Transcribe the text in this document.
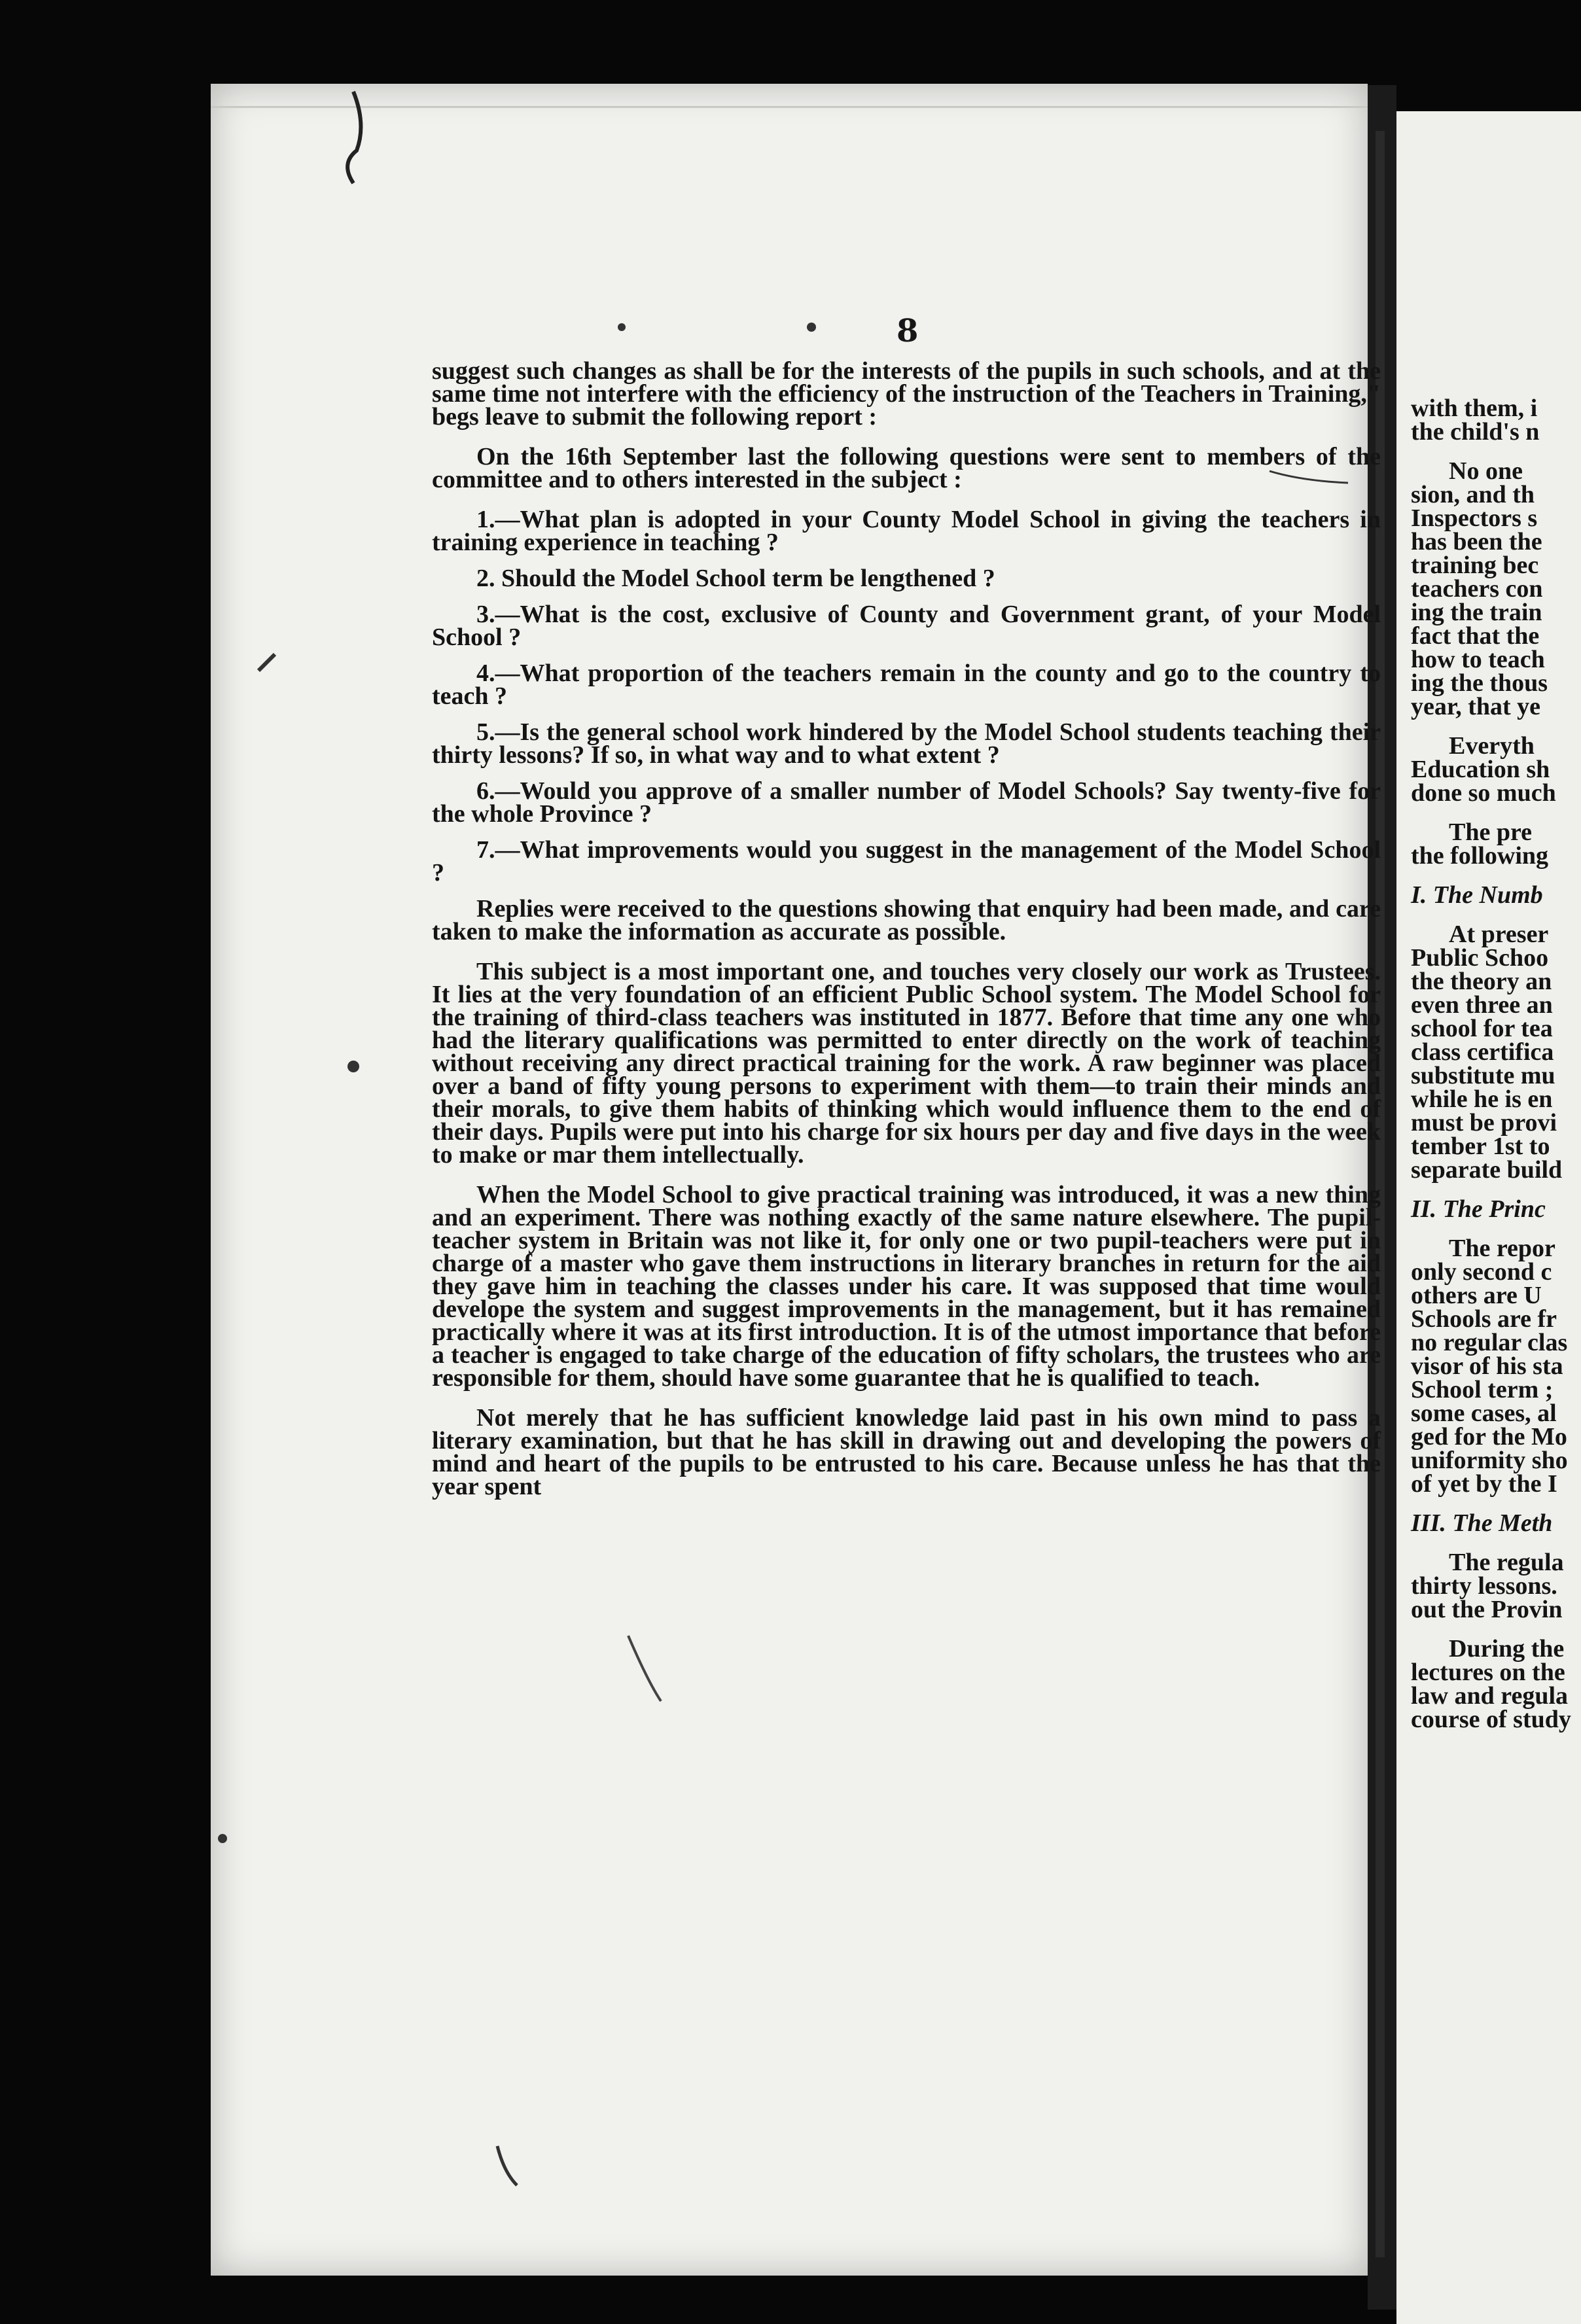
8

suggest such changes as shall be for the interests of the pupils in such schools, and at the same time not interfere with the efficiency of the instruction of the Teachers in Training," begs leave to submit the following report :

On the 16th September last the following questions were sent to members of the committee and to others interested in the subject :

1.—What plan is adopted in your County Model School in giving the teachers in training experience in teaching ?

2. Should the Model School term be lengthened ?

3.—What is the cost, exclusive of County and Government grant, of your Model School ?

4.—What proportion of the teachers remain in the county and go to the country to teach ?

5.—Is the general school work hindered by the Model School students teaching their thirty lessons? If so, in what way and to what extent ?

6.—Would you approve of a smaller number of Model Schools? Say twenty-five for the whole Province ?

7.—What improvements would you suggest in the management of the Model School ?

Replies were received to the questions showing that enquiry had been made, and care taken to make the information as accurate as possible.

This subject is a most important one, and touches very closely our work as Trustees. It lies at the very foundation of an efficient Public School system. The Model School for the training of third-class teachers was instituted in 1877. Before that time any one who had the literary qualifications was permitted to enter directly on the work of teaching without receiving any direct practical training for the work. A raw beginner was placed over a band of fifty young persons to experiment with them—to train their minds and their morals, to give them habits of thinking which would influence them to the end of their days. Pupils were put into his charge for six hours per day and five days in the week to make or mar them intellectually.

When the Model School to give practical training was introduced, it was a new thing and an experiment. There was nothing exactly of the same nature elsewhere. The pupil-teacher system in Britain was not like it, for only one or two pupil-teachers were put in charge of a master who gave them instructions in literary branches in return for the aid they gave him in teaching the classes under his care. It was supposed that time would develope the system and suggest improvements in the management, but it has remained practically where it was at its first introduction. It is of the utmost importance that before a teacher is engaged to take charge of the education of fifty scholars, the trustees who are responsible for them, should have some guarantee that he is qualified to teach.

Not merely that he has sufficient knowledge laid past in his own mind to pass a literary examination, but that he has skill in drawing out and developing the powers of mind and heart of the pupils to be entrusted to his care. Because unless he has that the year spent

with them, i
the child's n
No one
sion, and th
Inspectors s
has been the
training bec
teachers con
ing the train
fact that the
how to teach
ing the thous
year, that ye
Everyth
Education sh
done so much
The pre
the following
I. The Numb
At preser
Public Schoo
the theory an
even three an
school for tea
class certifica
substitute mu
while he is en
must be provi
tember 1st to
separate build
II. The Princ
The repor
only second c
others are U
Schools are fr
no regular clas
visor of his sta
School term ;
some cases, al
ged for the Mo
uniformity sho
of yet by the I
III. The Meth
The regula
thirty lessons.
out the Provin
During the
lectures on the
law and regula
course of study
